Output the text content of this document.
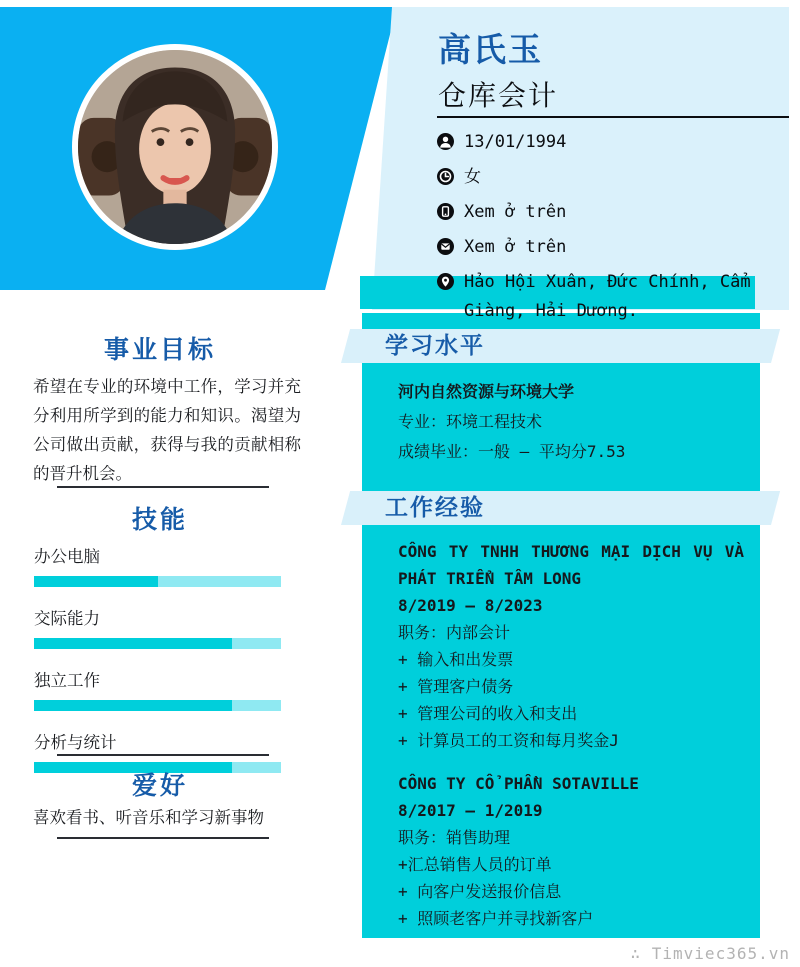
高氏玉
仓库会计
13/01/1994
女
Xem ở trên
Xem ở trên
Hảo Hội Xuân, Đức Chính, Cẩm Giàng, Hải Dương.
学习水平
河内自然资源与环境大学
专业：环境工程技术
成绩毕业：一般 – 平均分7.53
工作经验
CÔNG TY TNHH THƯƠNG MẠI DỊCH VỤ VÀ PHÁT TRIỂN TÂM LONG
8/2019 – 8/2023
职务：内部会计
+ 输入和出发票
+ 管理客户债务
+ 管理公司的收入和支出
+ 计算员工的工资和每月奖金J
CÔNG TY CỔ PHẦN SOTAVILLE
8/2017 – 1/2019
职务：销售助理
+汇总销售人员的订单
+ 向客户发送报价信息
+ 照顾老客户并寻找新客户
事业目标
希望在专业的环境中工作，学习并充分利用所学到的能力和知识。渴望为公司做出贡献，获得与我的贡献相称的晋升机会。
技能
办公电脑
交际能力
独立工作
分析与统计
爱好
喜欢看书、听音乐和学习新事物
∴ Timviec365.vn
